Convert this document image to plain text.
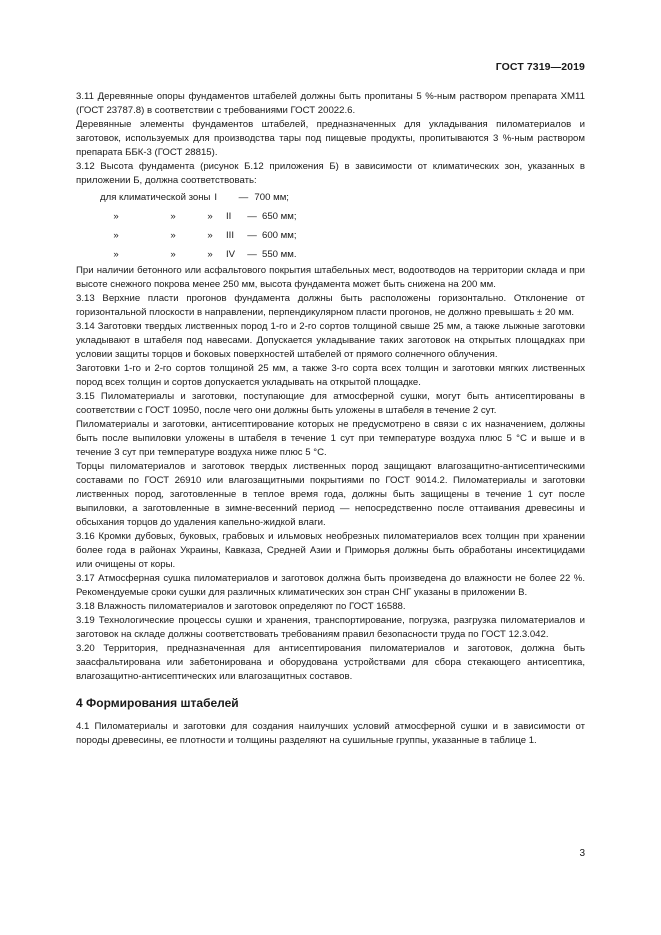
ГОСТ 7319—2019

3.11 Деревянные опоры фундаментов штабелей должны быть пропитаны 5 %-ным раствором препарата ХМ11 (ГОСТ 23787.8) в соответствии с требованиями ГОСТ 20022.6.

Деревянные элементы фундаментов штабелей, предназначенных для укладывания пиломатериалов и заготовок, используемых для производства тары под пищевые продукты, пропитываются 3 %-ным раствором препарата ББК-3 (ГОСТ 28815).

3.12 Высота фундамента (рисунок Б.12 приложения Б) в зависимости от климатических зон, указанных в приложении Б, должна соответствовать:

для климатической зоны I	— 700 мм;
»	»	»	II	— 650 мм;
»	»	»	III	— 600 мм;
»	»	»	IV	— 550 мм.

При наличии бетонного или асфальтового покрытия штабельных мест, водоотводов на территории склада и при высоте снежного покрова менее 250 мм, высота фундамента может быть снижена на 200 мм.

3.13 Верхние пласти прогонов фундамента должны быть расположены горизонтально. Отклонение от горизонтальной плоскости в направлении, перпендикулярном пласти прогонов, не должно превышать ± 20 мм.

3.14 Заготовки твердых лиственных пород 1-го и 2-го сортов толщиной свыше 25 мм, а также лыжные заготовки укладывают в штабеля под навесами. Допускается укладывание таких заготовок на открытых площадках при условии защиты торцов и боковых поверхностей штабелей от прямого солнечного облучения.

Заготовки 1-го и 2-го сортов толщиной 25 мм, а также 3-го сорта всех толщин и заготовки мягких лиственных пород всех толщин и сортов допускается укладывать на открытой площадке.

3.15 Пиломатериалы и заготовки, поступающие для атмосферной сушки, могут быть антисептированы в соответствии с ГОСТ 10950, после чего они должны быть уложены в штабеля в течение 2 сут.

Пиломатериалы и заготовки, антисептирование которых не предусмотрено в связи с их назначением, должны быть после выпиловки уложены в штабеля в течение 1 сут при температуре воздуха плюс 5 °С и выше и в течение 3 сут при температуре воздуха ниже плюс 5 °С.

Торцы пиломатериалов и заготовок твердых лиственных пород защищают влагозащитно-антисептическими составами по ГОСТ 26910 или влагозащитными покрытиями по ГОСТ 9014.2. Пиломатериалы и заготовки лиственных пород, заготовленные в теплое время года, должны быть защищены в течение 1 сут после выпиловки, а заготовленные в зимне-весенний период — непосредственно после оттаивания древесины и обсыхания торцов до удаления капельно-жидкой влаги.

3.16 Кромки дубовых, буковых, грабовых и ильмовых необрезных пиломатериалов всех толщин при хранении более года в районах Украины, Кавказа, Средней Азии и Приморья должны быть обработаны инсектицидами или очищены от коры.

3.17 Атмосферная сушка пиломатериалов и заготовок должна быть произведена до влажности не более 22 %. Рекомендуемые сроки сушки для различных климатических зон стран СНГ указаны в приложении В.

3.18 Влажность пиломатериалов и заготовок определяют по ГОСТ 16588.

3.19 Технологические процессы сушки и хранения, транспортирование, погрузка, разгрузка пиломатериалов и заготовок на складе должны соответствовать требованиям правил безопасности труда по ГОСТ 12.3.042.

3.20 Территория, предназначенная для антисептирования пиломатериалов и заготовок, должна быть заасфальтирована или забетонирована и оборудована устройствами для сбора стекающего антисептика, влагозащитно-антисептических или влагозащитных составов.

4 Формирования штабелей

4.1 Пиломатериалы и заготовки для создания наилучших условий атмосферной сушки и в зависимости от породы древесины, ее плотности и толщины разделяют на сушильные группы, указанные в таблице 1.

3
